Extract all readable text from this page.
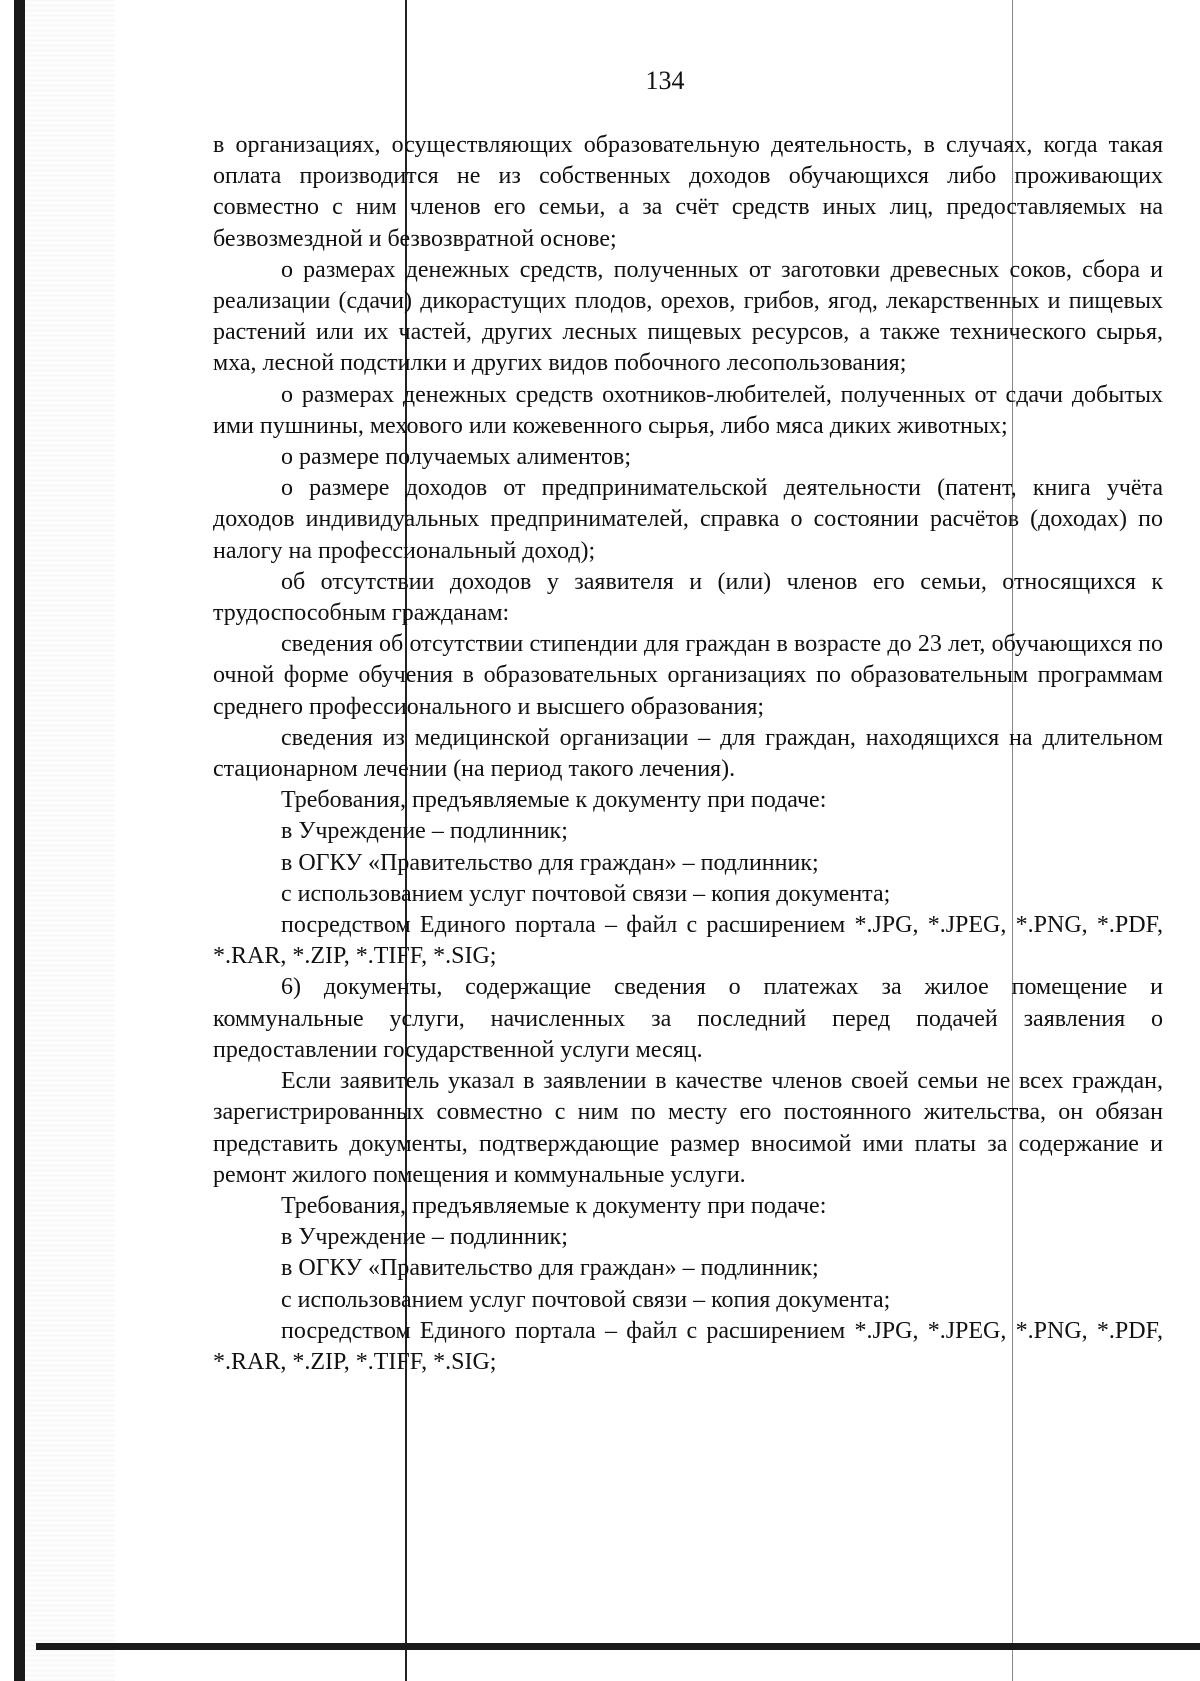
134

в организациях, осуществляющих образовательную деятельность, в случаях, когда такая оплата производится не из собственных доходов обучающихся либо проживающих совместно с ним членов его семьи, а за счёт средств иных лиц, предоставляемых на безвозмездной и безвозвратной основе;

о размерах денежных средств, полученных от заготовки древесных соков, сбора и реализации (сдачи) дикорастущих плодов, орехов, грибов, ягод, лекарственных и пищевых растений или их частей, других лесных пищевых ресурсов, а также технического сырья, мха, лесной подстилки и других видов побочного лесопользования;

о размерах денежных средств охотников-любителей, полученных от сдачи добытых ими пушнины, мехового или кожевенного сырья, либо мяса диких животных;

о размере получаемых алиментов;

о размере доходов от предпринимательской деятельности (патент, книга учёта доходов индивидуальных предпринимателей, справка о состоянии расчётов (доходах) по налогу на профессиональный доход);

об отсутствии доходов у заявителя и (или) членов его семьи, относящихся к трудоспособным гражданам:

сведения об отсутствии стипендии для граждан в возрасте до 23 лет, обучающихся по очной форме обучения в образовательных организациях по образовательным программам среднего профессионального и высшего образования;

сведения из медицинской организации – для граждан, находящихся на длительном стационарном лечении (на период такого лечения).

Требования, предъявляемые к документу при подаче:

в Учреждение – подлинник;

в ОГКУ «Правительство для граждан» – подлинник;

с использованием услуг почтовой связи – копия документа;

посредством Единого портала – файл с расширением *.JPG, *.JPEG, *.PNG, *.PDF, *.RAR, *.ZIP, *.TIFF, *.SIG;

6) документы, содержащие сведения о платежах за жилое помещение и коммунальные услуги, начисленных за последний перед подачей заявления о предоставлении государственной услуги месяц.

Если заявитель указал в заявлении в качестве членов своей семьи не всех граждан, зарегистрированных совместно с ним по месту его постоянного жительства, он обязан представить документы, подтверждающие размер вносимой ими платы за содержание и ремонт жилого помещения и коммунальные услуги.

Требования, предъявляемые к документу при подаче:

в Учреждение – подлинник;

в ОГКУ «Правительство для граждан» – подлинник;

с использованием услуг почтовой связи – копия документа;

посредством Единого портала – файл с расширением *.JPG, *.JPEG, *.PNG, *.PDF, *.RAR, *.ZIP, *.TIFF, *.SIG;
